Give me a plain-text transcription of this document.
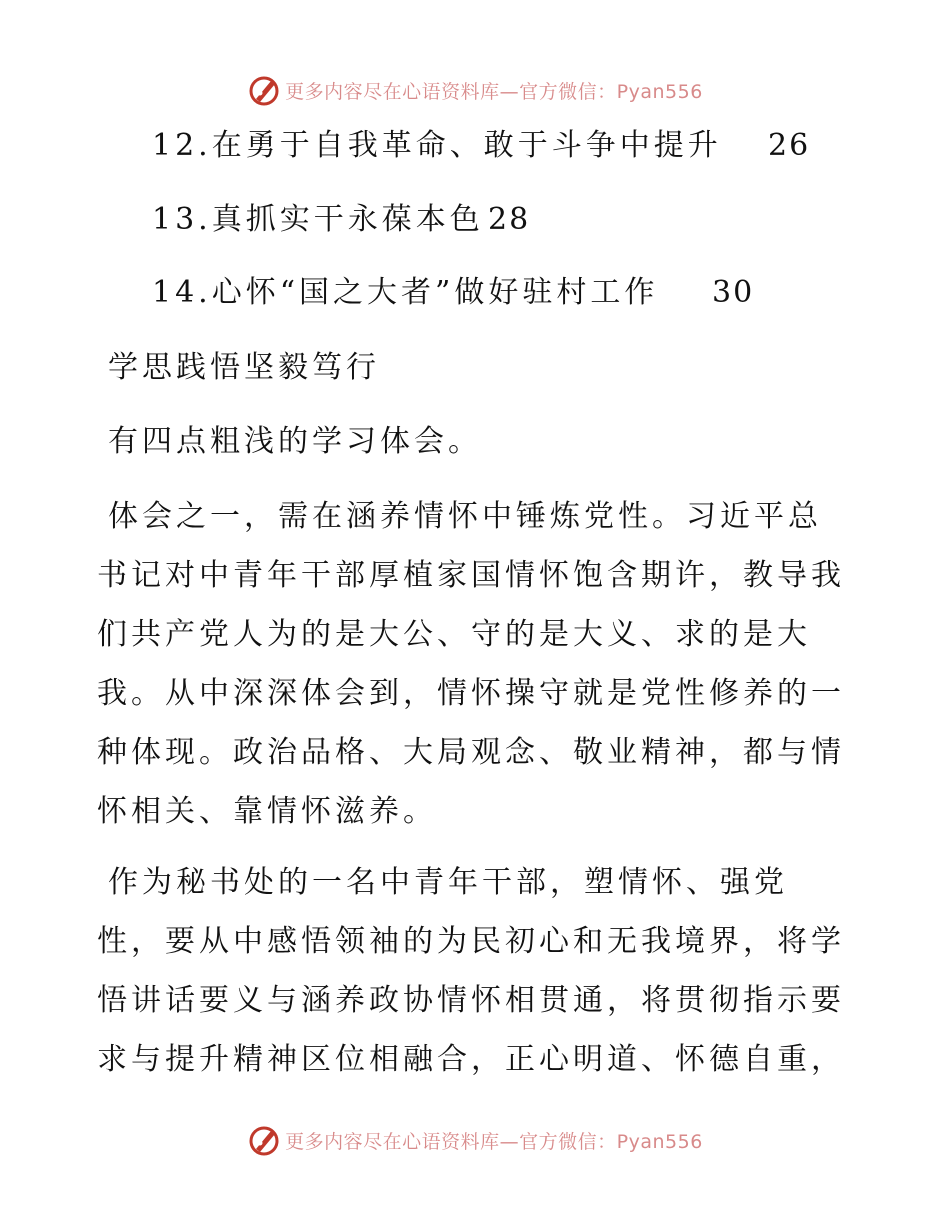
更多内容尽在心语资料库—官方微信：Pyan556
12.在勇于自我革命、敢于斗争中提升 26
13.真抓实干永葆本色 28
14.心怀“国之大者”做好驻村工作 30
学思践悟坚毅笃行
有四点粗浅的学习体会。
体会之一，需在涵养情怀中锤炼党性。习近平总
书记对中青年干部厚植家国情怀饱含期许，教导我
们共产党人为的是大公、守的是大义、求的是大
我。从中深深体会到，情怀操守就是党性修养的一
种体现。政治品格、大局观念、敬业精神，都与情
怀相关、靠情怀滋养。
作为秘书处的一名中青年干部，塑情怀、强党
性，要从中感悟领袖的为民初心和无我境界，将学
悟讲话要义与涵养政协情怀相贯通，将贯彻指示要
求与提升精神区位相融合，正心明道、怀德自重，
更多内容尽在心语资料库—官方微信：Pyan556
